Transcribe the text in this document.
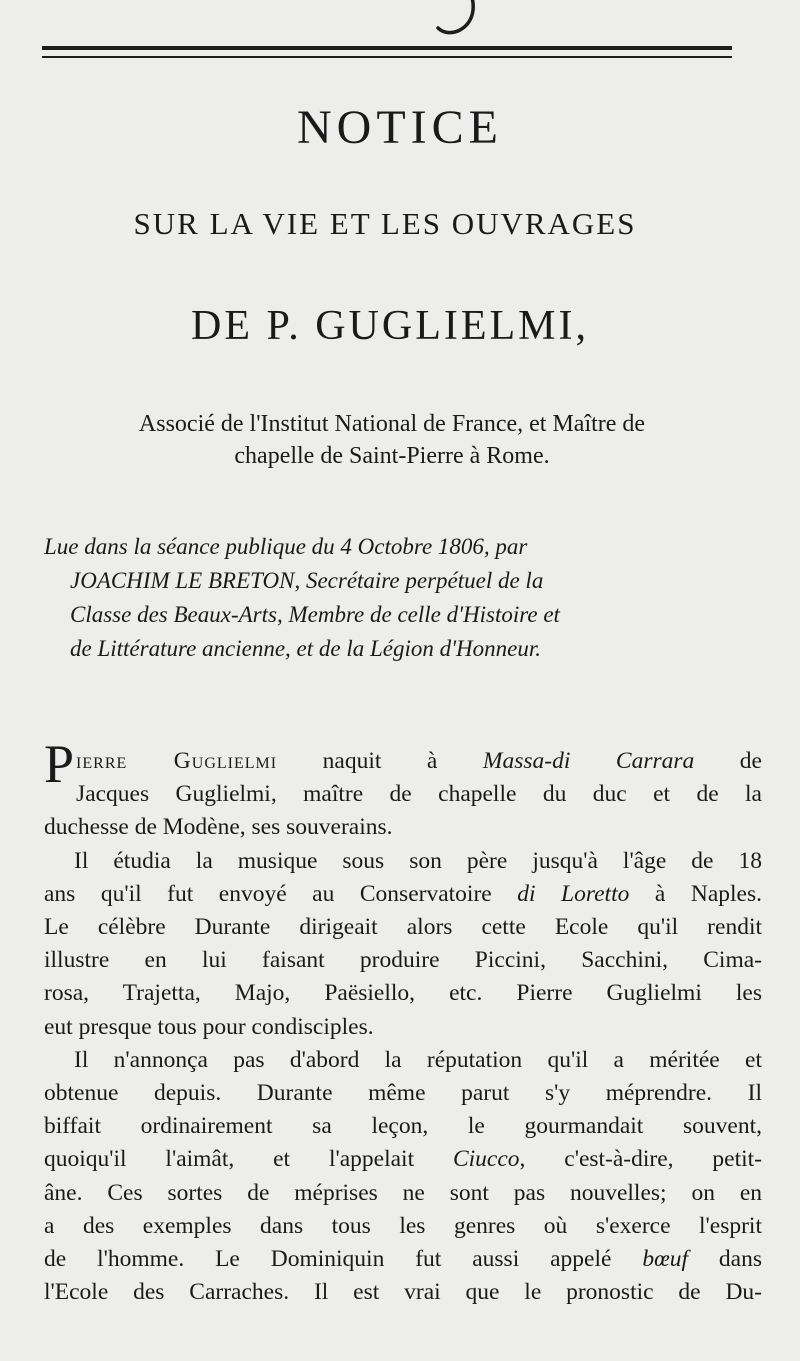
NOTICE
SUR LA VIE ET LES OUVRAGES
DE P. GUGLIELMI,
Associé de l'Institut National de France, et Maître de
chapelle de Saint-Pierre à Rome.
Lue dans la séance publique du 4 Octobre 1806, par
JOACHIM LE BRETON, Secrétaire perpétuel de la
Classe des Beaux-Arts, Membre de celle d'Histoire et
de Littérature ancienne, et de la Légion d'Honneur.
Pierre Guglielmi naquit à Massa-di Carrara de
Jacques Guglielmi, maître de chapelle du duc et de la
duchesse de Modène, ses souverains.
Il étudia la musique sous son père jusqu'à l'âge de 18
ans qu'il fut envoyé au Conservatoire di Loretto à Naples.
Le célèbre Durante dirigeait alors cette Ecole qu'il rendit
illustre en lui faisant produire Piccini, Sacchini, Cima-
rosa, Trajetta, Majo, Paësiello, etc. Pierre Guglielmi les
eut presque tous pour condisciples.
Il n'annonça pas d'abord la réputation qu'il a méritée et
obtenue depuis. Durante même parut s'y méprendre. Il
biffait ordinairement sa leçon, le gourmandait souvent,
quoiqu'il l'aimât, et l'appelait Ciucco, c'est-à-dire, petit-
âne. Ces sortes de méprises ne sont pas nouvelles; on en
a des exemples dans tous les genres où s'exerce l'esprit
de l'homme. Le Dominiquin fut aussi appelé bœuf dans
l'Ecole des Carraches. Il est vrai que le pronostic de Du-
